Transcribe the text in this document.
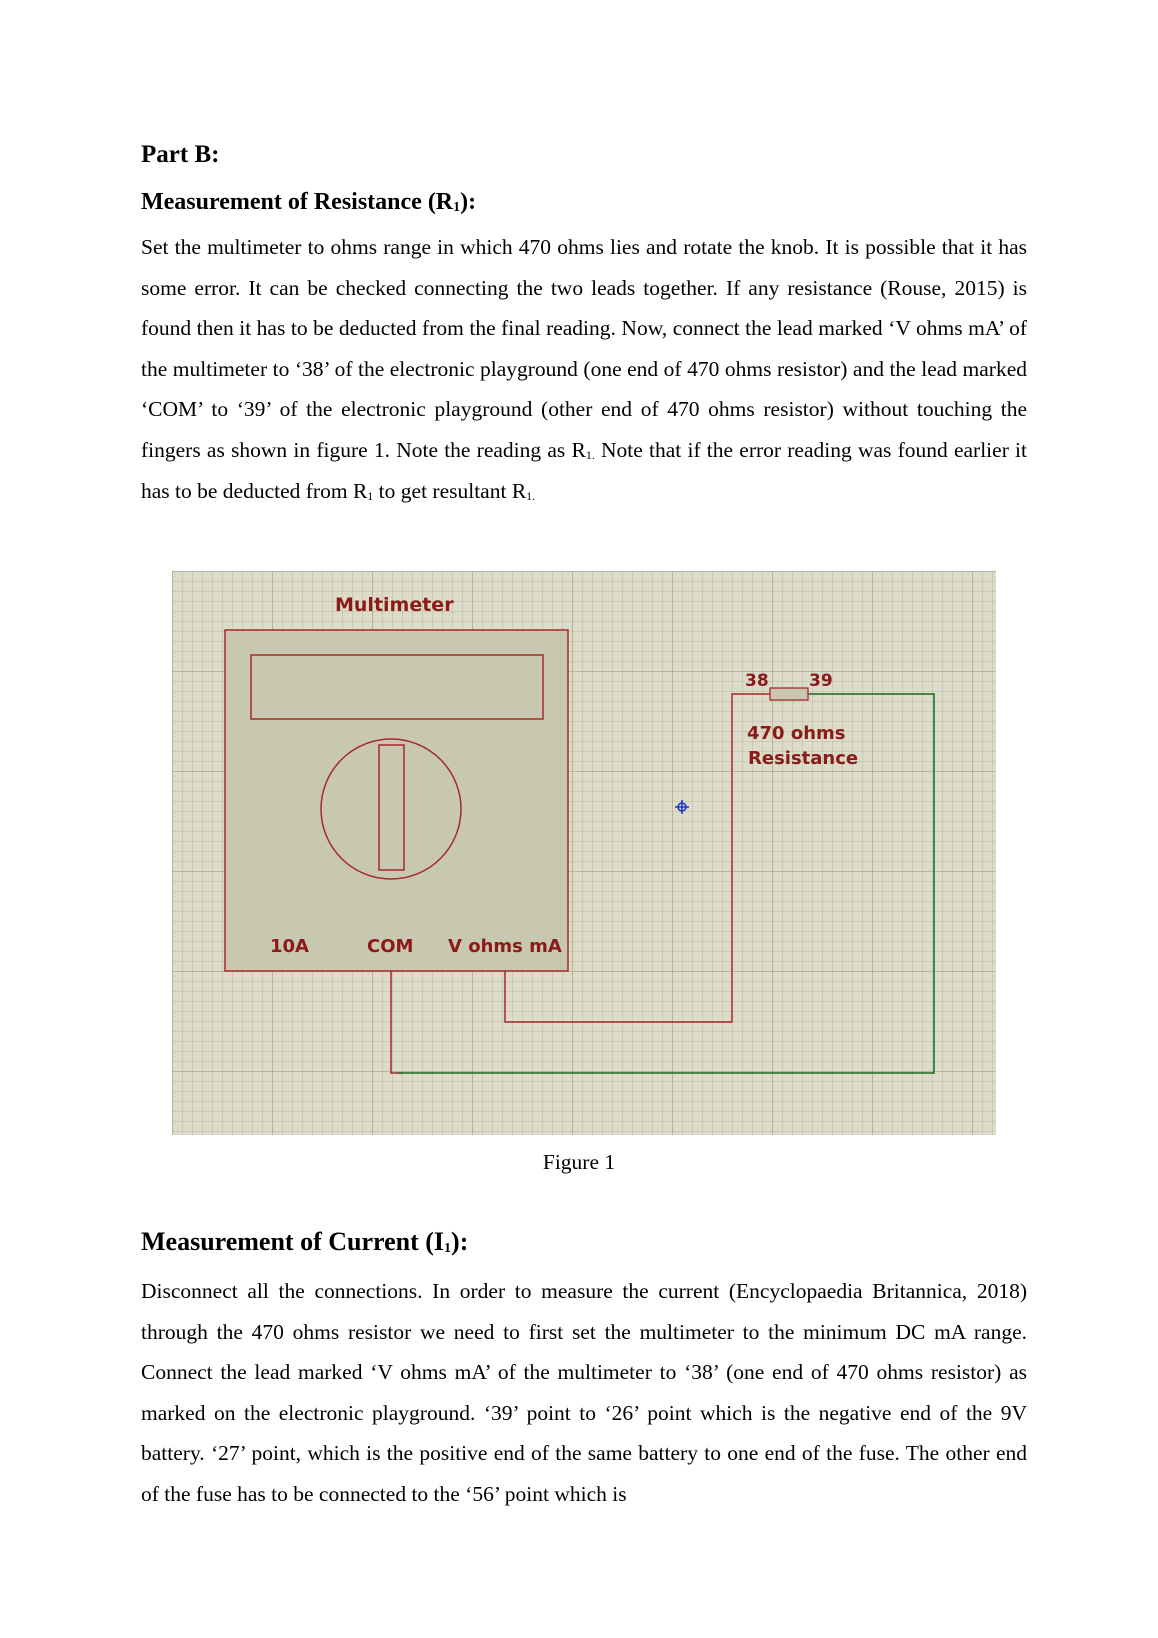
Part B:
Measurement of Resistance $(R_1)$:

Set the multimeter to ohms range in which 470 ohms lies and rotate the knob. It is possible that it has some error. It can be checked connecting the two leads together. If any resistance (Rouse, 2015) is found then it has to be deducted from the final reading. Now, connect the lead marked ‘V ohms mA’ of the multimeter to ‘38’ of the electronic playground (one end of 470 ohms resistor) and the lead marked ‘COM’ to ‘39’ of the electronic playground (other end of 470 ohms resistor) without touching the fingers as shown in figure 1. Note the reading as $R_{1.}$ Note that if the error reading was found earlier it has to be deducted from $R_1$ to get resultant $R_{1.}$

Multimeter
10A	COM V ohms mA
38 39
470 ohms
Resistance
Figure 1
Measurement of Current $(I_1)$:

Disconnect all the connections. In order to measure the current (Encyclopaedia Britannica, 2018) through the 470 ohms resistor we need to first set the multimeter to the minimum DC mA range. Connect the lead marked ‘V ohms mA’ of the multimeter to ‘38’ (one end of 470 ohms resistor) as marked on the electronic playground. ‘39’ point to ‘26’ point which is the negative end of the 9V battery. ‘27’ point, which is the positive end of the same battery to one end of the fuse. The other end of the fuse has to be connected to the ‘56’ point which is
